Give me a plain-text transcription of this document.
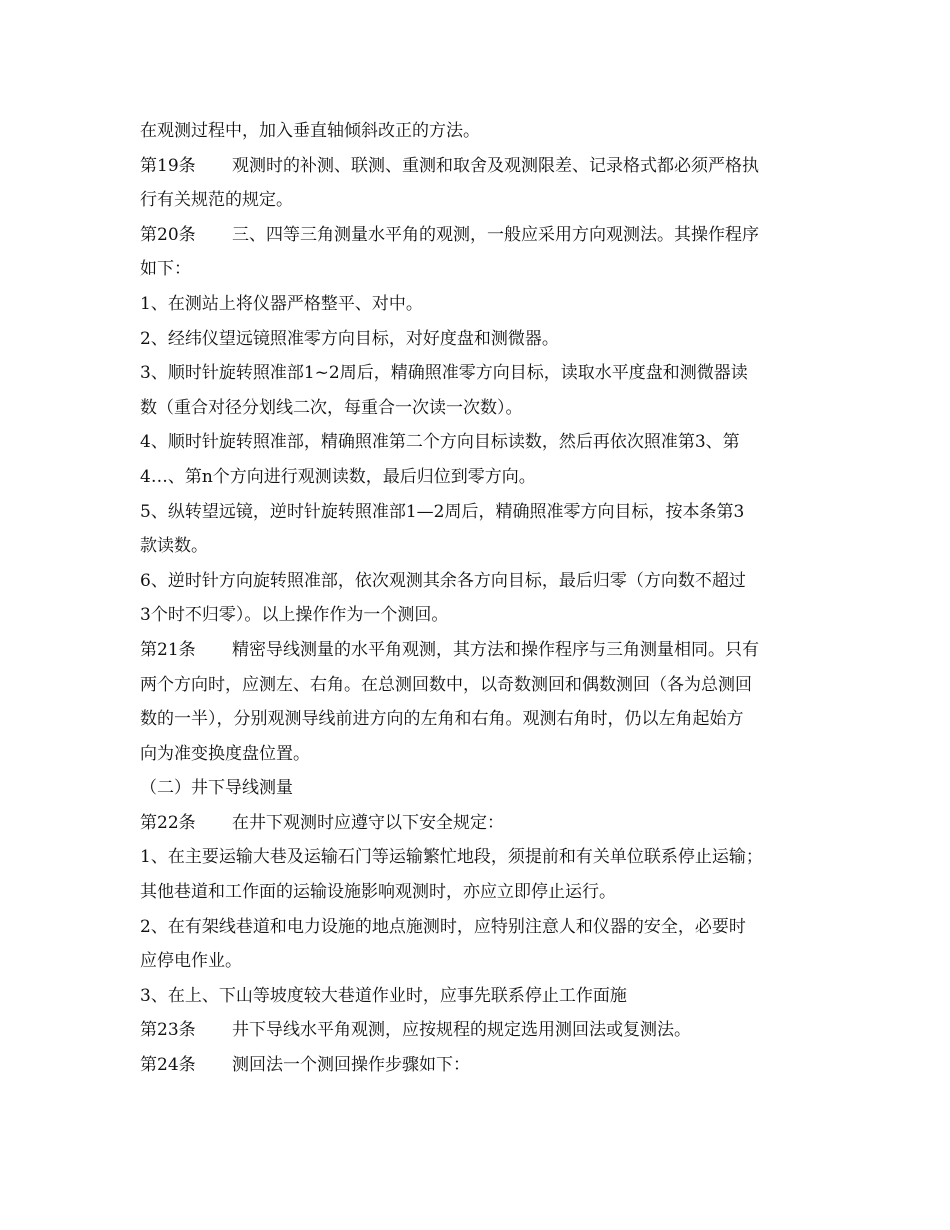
在观测过程中，加入垂直轴倾斜改正的方法。
第19条 观测时的补测、联测、重测和取舍及观测限差、记录格式都必须严格执
行有关规范的规定。
第20条 三、四等三角测量水平角的观测，一般应采用方向观测法。其操作程序
如下：
1、在测站上将仪器严格整平、对中。
2、经纬仪望远镜照准零方向目标，对好度盘和测微器。
3、顺时针旋转照准部1~2周后，精确照准零方向目标，读取水平度盘和测微器读
数（重合对径分划线二次，每重合一次读一次数）。
4、顺时针旋转照准部，精确照准第二个方向目标读数，然后再依次照准第3、第
4…、第n个方向进行观测读数，最后归位到零方向。
5、纵转望远镜，逆时针旋转照准部1—2周后，精确照准零方向目标，按本条第3
款读数。
6、逆时针方向旋转照准部，依次观测其余各方向目标，最后归零（方向数不超过
3个时不归零）。以上操作作为一个测回。
第21条 精密导线测量的水平角观测，其方法和操作程序与三角测量相同。只有
两个方向时，应测左、右角。在总测回数中，以奇数测回和偶数测回（各为总测回
数的一半），分别观测导线前进方向的左角和右角。观测右角时，仍以左角起始方
向为准变换度盘位置。
（二）井下导线测量
第22条 在井下观测时应遵守以下安全规定：
1、在主要运输大巷及运输石门等运输繁忙地段，须提前和有关单位联系停止运输；
其他巷道和工作面的运输设施影响观测时，亦应立即停止运行。
2、在有架线巷道和电力设施的地点施测时，应特别注意人和仪器的安全，必要时
应停电作业。
3、在上、下山等坡度较大巷道作业时，应事先联系停止工作面施
第23条 井下导线水平角观测，应按规程的规定选用测回法或复测法。
第24条 测回法一个测回操作步骤如下：
